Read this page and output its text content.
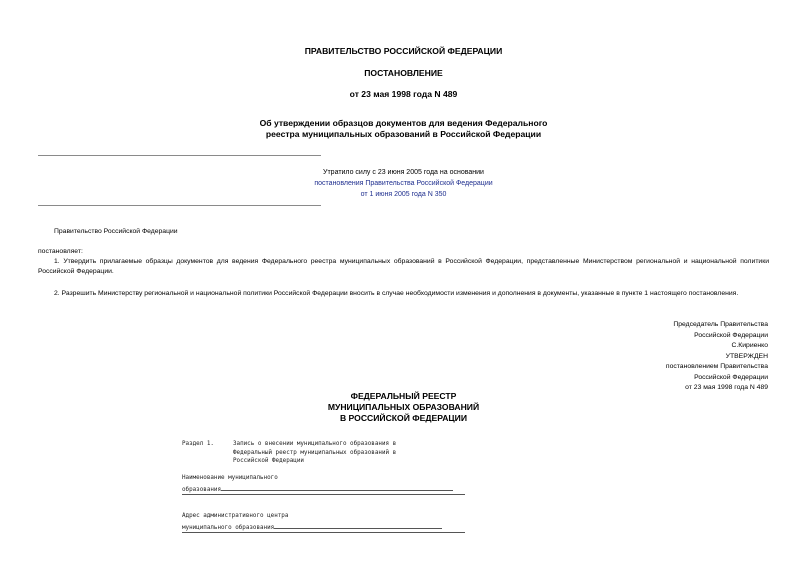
ПРАВИТЕЛЬСТВО РОССИЙСКОЙ ФЕДЕРАЦИИ
ПОСТАНОВЛЕНИЕ
от 23 мая 1998 года N 489
Об утверждении образцов документов для ведения Федерального
реестра муниципальных образований в Российской Федерации
Утратило силу с 23 июня 2005 года на основании
постановления Правительства Российской Федерации
от 1 июня 2005 года N 350
Правительство Российской Федерации
постановляет:
1. Утвердить прилагаемые образцы документов для ведения Федерального реестра муниципальных образований в Российской Федерации, представленные Министерством региональной и национальной политики Российской Федерации.
2. Разрешить Министерству региональной и национальной политики Российской Федерации вносить в случае необходимости изменения и дополнения в документы, указанные в пункте 1 настоящего постановления.
Председатель Правительства
Российской Федерации
С.Кириенко
УТВЕРЖДЕН
постановлением Правительства
Российской Федерации
от 23 мая 1998 года N 489
ФЕДЕРАЛЬНЫЙ РЕЕСТР
МУНИЦИПАЛЬНЫХ ОБРАЗОВАНИЙ
В РОССИЙСКОЙ ФЕДЕРАЦИИ
Раздел 1.	Запись о внесении муниципального образования в
Федеральный реестр муниципальных образований в
Российской Федерации
Наименование муниципального
образования
Адрес административного центра
муниципального образования
